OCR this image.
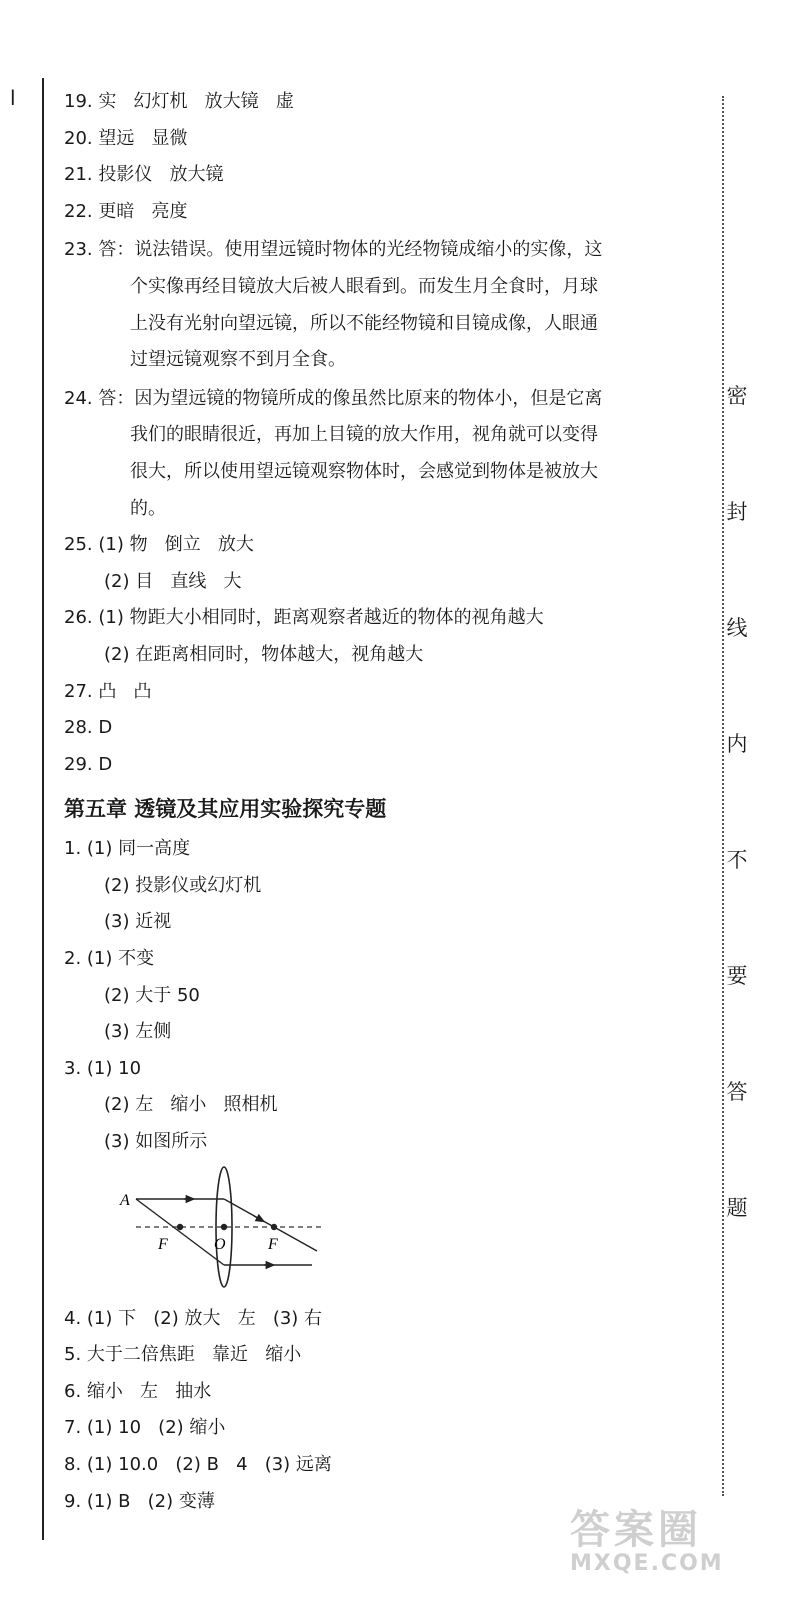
l
密
封
线
内
不
要
答
题
19. 实   幻灯机   放大镜   虚
20. 望远   显微
21. 投影仪   放大镜
22. 更暗   亮度
23. 答：说法错误。使用望远镜时物体的光经物镜成缩小的实像，这
个实像再经目镜放大后被人眼看到。而发生月全食时，月球
上没有光射向望远镜，所以不能经物镜和目镜成像，人眼通
过望远镜观察不到月全食。
24. 答：因为望远镜的物镜所成的像虽然比原来的物体小，但是它离
我们的眼睛很近，再加上目镜的放大作用，视角就可以变得
很大，所以使用望远镜观察物体时，会感觉到物体是被放大
的。
25. (1) 物   倒立   放大
(2) 目   直线   大
26. (1) 物距大小相同时，距离观察者越近的物体的视角越大
(2) 在距离相同时，物体越大，视角越大
27. 凸   凸
28. D
29. D
第五章 透镜及其应用实验探究专题
1. (1) 同一高度
(2) 投影仪或幻灯机
(3) 近视
2. (1) 不变
(2) 大于 50
(3) 左侧
3. (1) 10
(2) 左   缩小   照相机
(3) 如图所示
A
F	O	F
4. (1) 下   (2) 放大   左   (3) 右
5. 大于二倍焦距   靠近   缩小
6. 缩小   左   抽水
7. (1) 10   (2) 缩小
8. (1) 10.0   (2) B   4   (3) 远离
9. (1) B   (2) 变薄
答案圈
MXQE.COM
